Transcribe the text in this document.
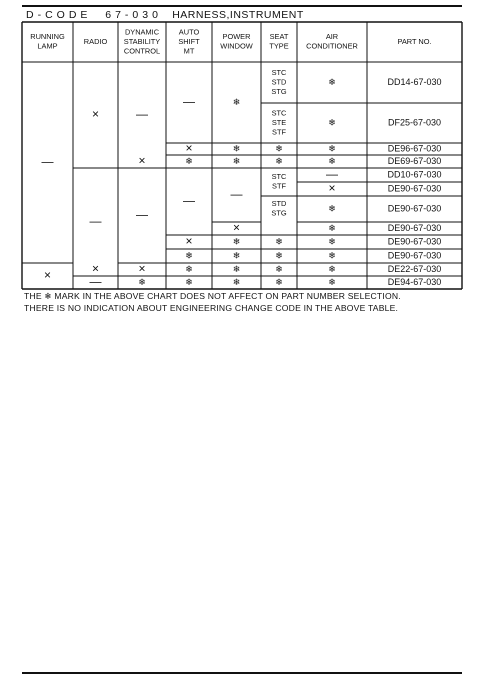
D-CODE  67-030 HARNESS,INSTRUMENT
RUNNING
LAMP
RADIO
DYNAMIC
STABILITY
CONTROL
AUTO
SHIFT
MT
POWER
WINDOW
SEAT
TYPE
AIR
CONDITIONER
PART NO.
—
×
×
—
×
—
—
×
—
×
❄
—
×
❄
—
×
❄
❄
❄
❄
❄
❄
—
×
❄
❄
❄
❄
❄
❄
❄
❄
❄
❄
❄
❄
❄
❄
—
×
❄
❄
❄
❄
❄
❄
STC
STD
STG
STC
STE
STF
STC
STF
STD
STG
DD14-67-030
DF25-67-030
DE96-67-030
DE69-67-030
DD10-67-030
DE90-67-030
DE90-67-030
DE90-67-030
DE90-67-030
DE90-67-030
DE22-67-030
DE94-67-030
THE ❄ MARK IN THE ABOVE CHART DOES NOT AFFECT ON PART NUMBER SELECTION.
THERE IS NO INDICATION ABOUT ENGINEERING CHANGE CODE IN THE ABOVE TABLE.
